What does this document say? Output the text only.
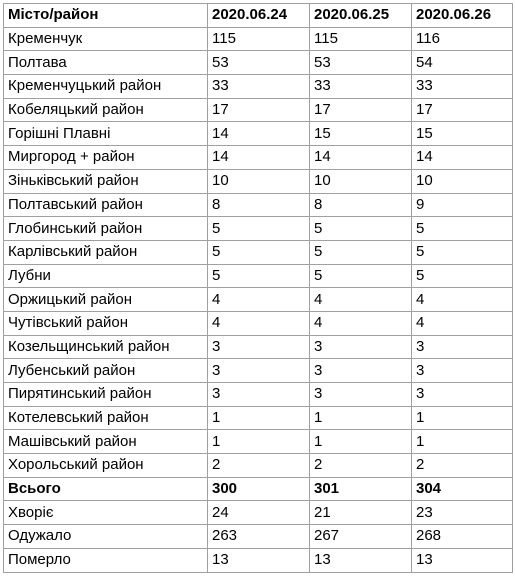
Місто/район	2020.06.24	2020.06.25	2020.06.26
Кременчук	115	115	116
Полтава	53	53	54
Кременчуцький район	33	33	33
Кобеляцький район	17	17	17
Горішні Плавні	14	15	15
Миргород + район	14	14	14
Зіньківський район	10	10	10
Полтавський район	8	8	9
Глобинський район	5	5	5
Карлівський район	5	5	5
Лубни	5	5	5
Оржицький район	4	4	4
Чутівський район	4	4	4
Козельщинський район	3	3	3
Лубенський район	3	3	3
Пирятинський район	3	3	3
Котелевський район	1	1	1
Машівський район	1	1	1
Хорольський район	2	2	2
Всього	300	301	304
Хворіє	24	21	23
Одужало	263	267	268
Померло	13	13	13
